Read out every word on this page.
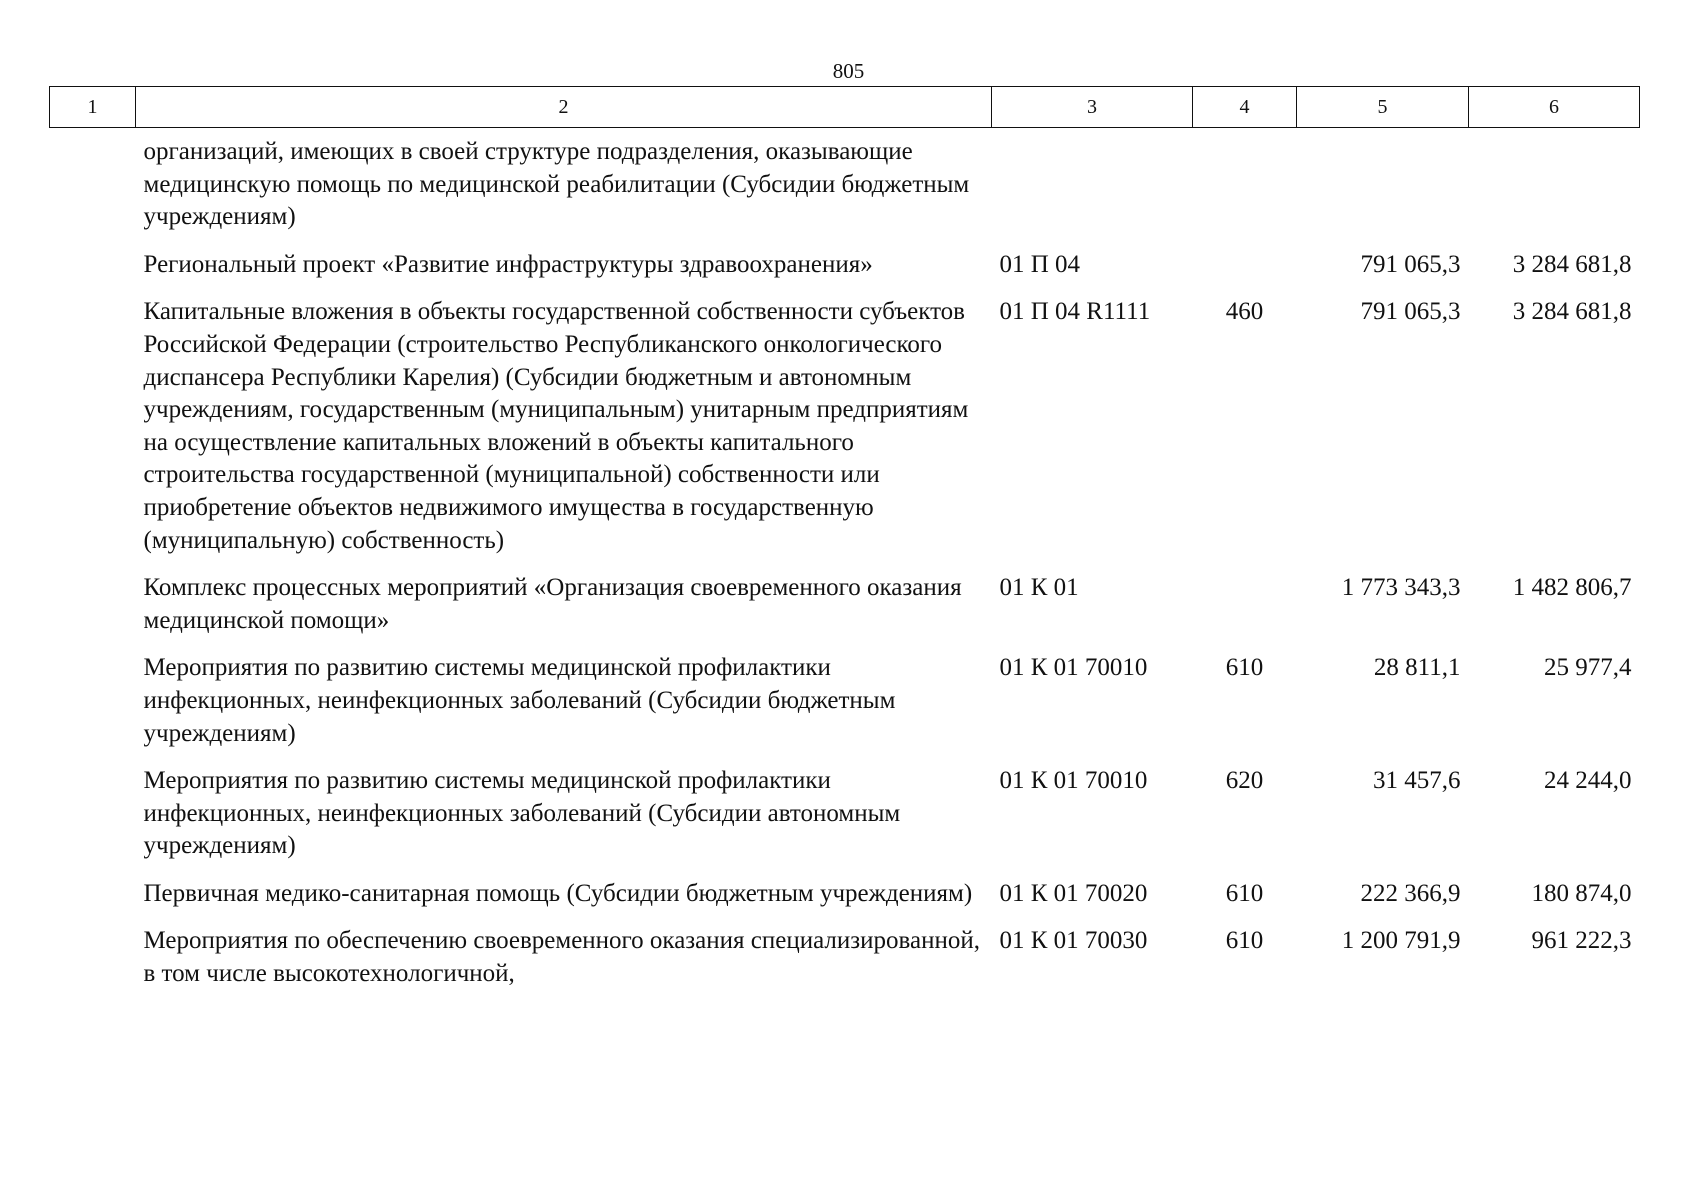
805
1	2	3	4	5	6
	организаций, имеющих в своей структуре подразделения, оказывающие медицинскую помощь по медицинской реабилитации (Субсидии бюджетным учреждениям)				
	Региональный проект «Развитие инфраструктуры здравоохранения»	01 П 04		791 065,3	3 284 681,8
	Капитальные вложения в объекты государственной собственности субъектов Российской Федерации (строительство Республиканского онкологического диспансера Республики Карелия) (Субсидии бюджетным и автономным учреждениям, государственным (муниципальным) унитарным предприятиям на осуществление капитальных вложений в объекты капитального строительства государственной (муниципальной) собственности или приобретение объектов недвижимого имущества в государственную (муниципальную) собственность)	01 П 04 R1111	460	791 065,3	3 284 681,8
	Комплекс процессных мероприятий «Организация своевременного оказания медицинской помощи»	01 К 01		1 773 343,3	1 482 806,7
	Мероприятия по развитию системы медицинской профилактики инфекционных, неинфекционных заболеваний (Субсидии бюджетным учреждениям)	01 К 01 70010	610	28 811,1	25 977,4
	Мероприятия по развитию системы медицинской профилактики инфекционных, неинфекционных заболеваний (Субсидии автономным учреждениям)	01 К 01 70010	620	31 457,6	24 244,0
	Первичная медико-санитарная помощь (Субсидии бюджетным учреждениям)	01 К 01 70020	610	222 366,9	180 874,0
	Мероприятия по обеспечению своевременного оказания специализированной, в том числе высокотехнологичной,	01 К 01 70030	610	1 200 791,9	961 222,3
